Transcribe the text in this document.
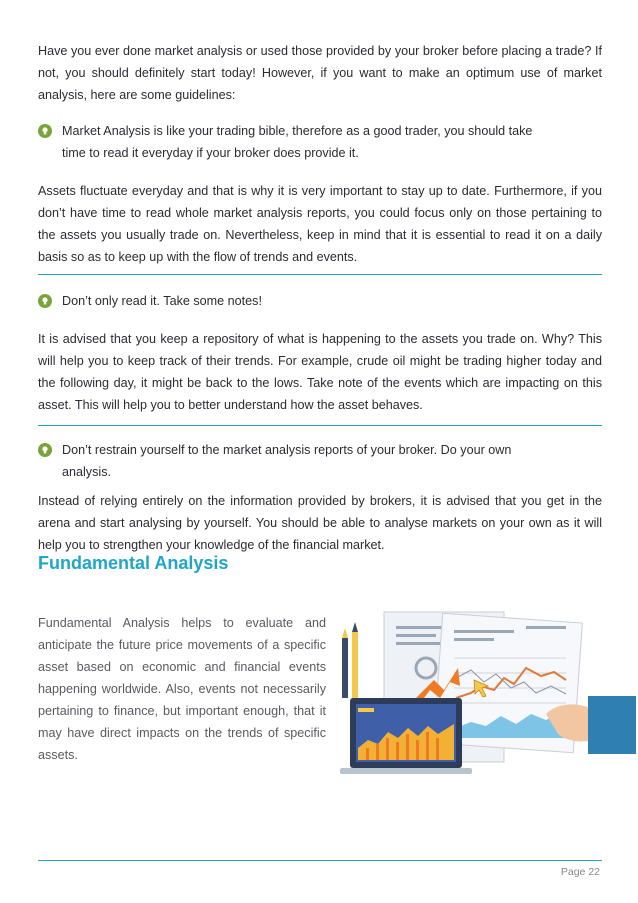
Have you ever done market analysis or used those provided by your broker before placing a trade? If not, you should definitely start today! However, if you want to make an optimum use of market analysis, here are some guidelines:

Market Analysis is like your trading bible, therefore as a good trader, you should take time to read it everyday if your broker does provide it.

Assets fluctuate everyday and that is why it is very important to stay up to date. Furthermore, if you don’t have time to read whole market analysis reports, you could focus only on those pertaining to the assets you usually trade on. Nevertheless, keep in mind that it is essential to read it on a daily basis so as to keep up with the flow of trends and events.

Don’t only read it. Take some notes!

It is advised that you keep a repository of what is happening to the assets you trade on. Why? This will help you to keep track of their trends. For example, crude oil might be trading higher today and the following day, it might be back to the lows. Take note of the events which are impacting on this asset. This will help you to better understand how the asset behaves.

Don’t restrain yourself to the market analysis reports of your broker. Do your own analysis.

Instead of relying entirely on the information provided by brokers, it is advised that you get in the arena and start analysing by yourself. You should be able to analyse markets on your own as it will help you to strengthen your knowledge of the financial market.

Fundamental Analysis

Fundamental Analysis helps to evaluate and anticipate the future price movements of a specific asset based on economic and financial events happening worldwide. Also, events not necessarily pertaining to finance, but important enough, that it may have direct impacts on the trends of specific assets.

Page 22
